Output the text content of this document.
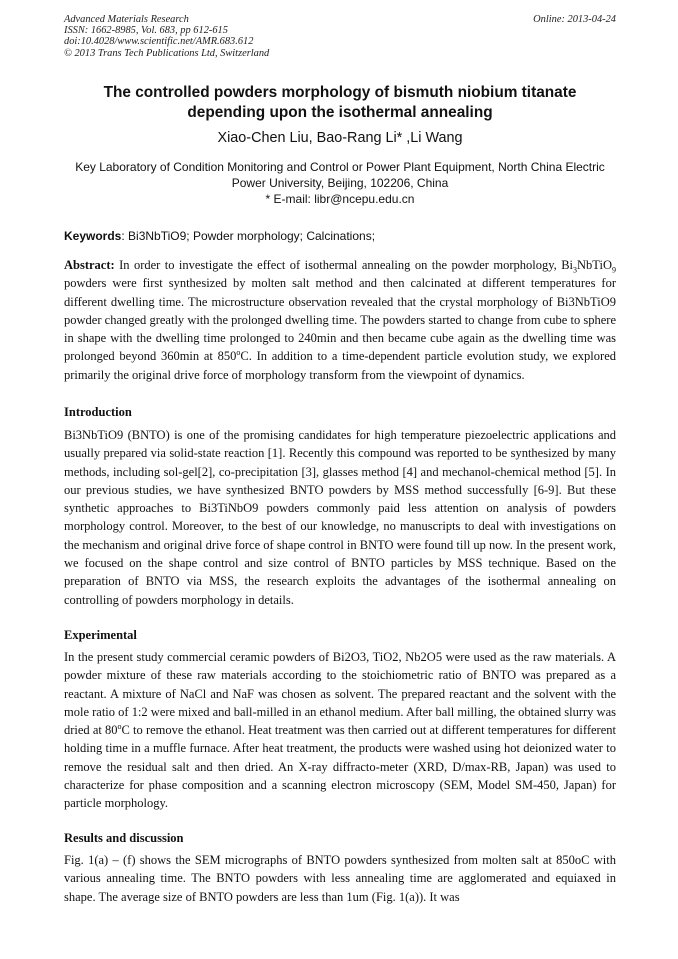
Advanced Materials Research
ISSN: 1662-8985, Vol. 683, pp 612-615
doi:10.4028/www.scientific.net/AMR.683.612
© 2013 Trans Tech Publications Ltd, Switzerland
Online: 2013-04-24
The controlled powders morphology of bismuth niobium titanate
depending upon the isothermal annealing
Xiao-Chen Liu, Bao-Rang Li* ,Li Wang
Key Laboratory of Condition Monitoring and Control or Power Plant Equipment, North China Electric
Power University, Beijing, 102206, China
* E-mail: libr@ncepu.edu.cn
Keywords: Bi3NbTiO9; Powder morphology; Calcinations;
Abstract: In order to investigate the effect of isothermal annealing on the powder morphology, $Bi_3NbTiO_9$ powders were first synthesized by molten salt method and then calcinated at different temperatures for different dwelling time. The microstructure observation revealed that the crystal morphology of Bi3NbTiO9 powder changed greatly with the prolonged dwelling time. The powders started to change from cube to sphere in shape with the dwelling time prolonged to 240min and then became cube again as the dwelling time was prolonged beyond 360min at 850$^o$C. In addition to a time-dependent particle evolution study, we explored primarily the original drive force of morphology transform from the viewpoint of dynamics.
Introduction
Bi3NbTiO9 (BNTO) is one of the promising candidates for high temperature piezoelectric applications and usually prepared via solid-state reaction [1]. Recently this compound was reported to be synthesized by many methods, including sol-gel[2], co-precipitation [3], glasses method [4] and mechanol-chemical method [5]. In our previous studies, we have synthesized BNTO powders by MSS method successfully [6-9]. But these synthetic approaches to Bi3TiNbO9 powders commonly paid less attention on analysis of powders morphology control. Moreover, to the best of our knowledge, no manuscripts to deal with investigations on the mechanism and original drive force of shape control in BNTO were found till up now. In the present work, we focused on the shape control and size control of BNTO particles by MSS technique. Based on the preparation of BNTO via MSS, the research exploits the advantages of the isothermal annealing on controlling of powders morphology in details.
Experimental
In the present study commercial ceramic powders of Bi2O3, TiO2, Nb2O5 were used as the raw materials. A powder mixture of these raw materials according to the stoichiometric ratio of BNTO was prepared as a reactant. A mixture of NaCl and NaF was chosen as solvent. The prepared reactant and the solvent with the mole ratio of 1:2 were mixed and ball-milled in an ethanol medium. After ball milling, the obtained slurry was dried at 80$^o$C to remove the ethanol. Heat treatment was then carried out at different temperatures for different holding time in a muffle furnace. After heat treatment, the products were washed using hot deionized water to remove the residual salt and then dried. An X-ray diffracto-meter (XRD, D/max-RB, Japan) was used to characterize for phase composition and a scanning electron microscopy (SEM, Model SM-450, Japan) for particle morphology.
Results and discussion
Fig. 1(a) – (f) shows the SEM micrographs of BNTO powders synthesized from molten salt at 850oC with various annealing time. The BNTO powders with less annealing time are agglomerated and equiaxed in shape. The average size of BNTO powders are less than 1um (Fig. 1(a)). It was
